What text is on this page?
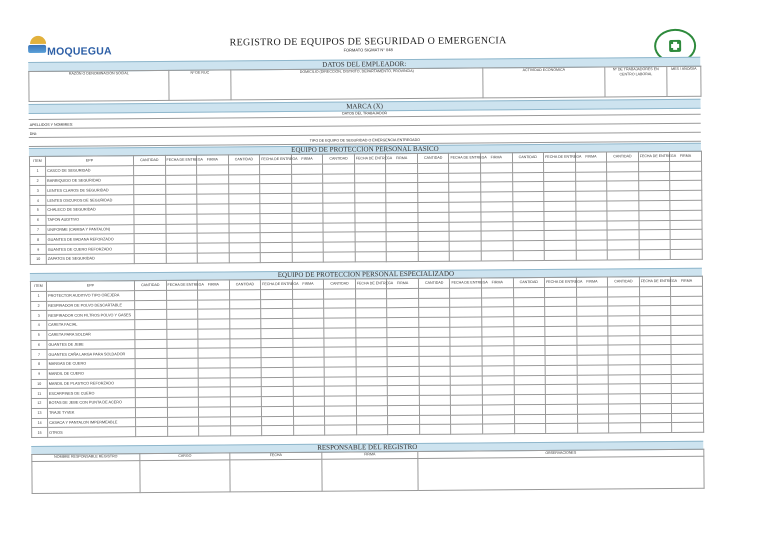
MOQUEGUA
REGISTRO DE EQUIPOS DE SEGURIDAD O EMERGENCIA
FORMATO SIGMAT N° 048
DATOS DEL EMPLEADOR:
RAZÓN O DENOMINACIÓN SOCIAL	Nº DE RUC	DOMICILIO (DIRECCIÓN, DISTRITO, DEPARTAMENTO, PROVINCIA)	ACTIVIDAD ECONÓMICA	Nº DE TRABAJADORES EN CENTRO LABORAL	MES / AÑO/DIA
MARCA (X)
DATOS DEL TRABAJADOR
APELLIDOS Y NOMBRES:
DNI:
TIPO DE EQUIPO DE SEGURIDAD O EMERGENCIA ENTREGADO
EQUIPO DE PROTECCION PERSONAL BASICO
ITEM	EPP	CANTIDAD	FECHA DE ENTREGA	FIRMA	CANTIDAD	FECHA DE ENTREGA	FIRMA	CANTIDAD	FECHA DE ENTREGA	FIRMA	CANTIDAD	FECHA DE ENTREGA	FIRMA	CANTIDAD	FECHA DE ENTREGA	FIRMA	CANTIDAD	FECHA DE ENTREGA	FIRMA
1	CASCO DE SEGURIDAD																		
2	BARBIQUIDO DE SEGURIDAD																		
3	LENTES CLAROS DE SEGURIDAD																		
4	LENTES OSCUROS DE SEGURIDAD																		
5	CHALECO DE SEGURIDAD																		
6	TAPON AUDITIVO																		
7	UNIFORME (CAMISA Y PANTALON)																		
8	GUANTES DE BADANA REFORZADO																		
9	GUANTES DE CUERO REFORZADO																		
10	ZAPATOS DE SEGURIDAD																		
EQUIPO DE PROTECCION PERSONAL ESPECIALIZADO
ITEM	EPP	CANTIDAD	FECHA DE ENTREGA	FIRMA	CANTIDAD	FECHA DE ENTREGA	FIRMA	CANTIDAD	FECHA DE ENTREGA	FIRMA	CANTIDAD	FECHA DE ENTREGA	FIRMA	CANTIDAD	FECHA DE ENTREGA	FIRMA	CANTIDAD	FECHA DE ENTREGA	FIRMA
1	PROTECTOR AUDITIVO TIPO OREJERA																		
2	RESPIRADOR DE POLVO DESCARTABLE																		
3	RESPIRADOR CON FILTROS POLVO Y GASES																		
4	CARETA FACIAL																		
5	CARETA PARA SOLDAR																		
6	GUANTES DE JEBE																		
7	GUANTES CAÑA LARGA PARA SOLDADOR																		
8	MANGAS DE CUERO																		
9	MANDIL DE CUERO																		
10	MANDIL DE PLASTICO REFORZADO																		
11	ESCARPINES DE CUERO																		
12	BOTAS DE JEBE CON PUNTA DE ACERO																		
13	TRAJE TYVEK																		
14	CASACA Y PANTALON IMPERMEABLE																		
15	OTROS																		
RESPONSABLE DEL REGISTRO
NOMBRE RESPONSABLE REGISTRO	CARGO	FECHA	FIRMA	OBSERVACIONES
